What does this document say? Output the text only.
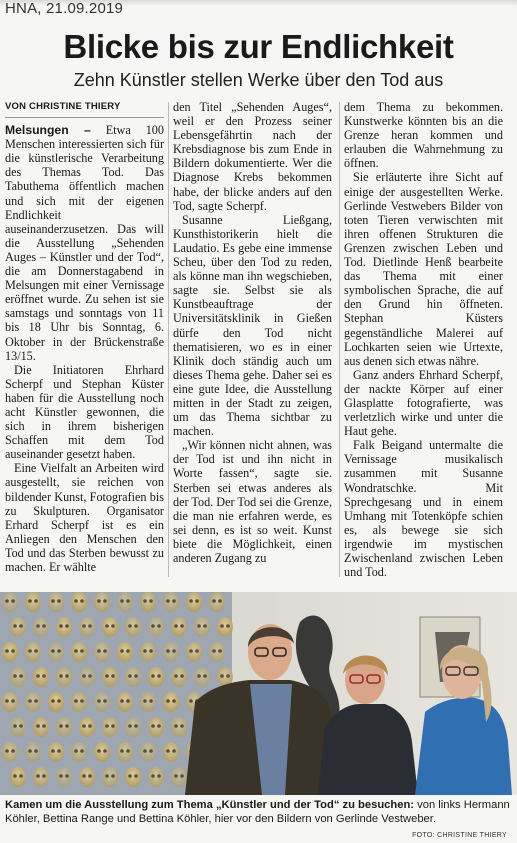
HNA, 21.09.2019
Blicke bis zur Endlichkeit
Zehn Künstler stellen Werke über den Tod aus
VON CHRISTINE THIERY

Melsungen – Etwa 100 Menschen interessierten sich für die künstlerische Verarbeitung des Themas Tod. Das Tabuthema öffentlich machen und sich mit der eigenen Endlichkeit auseinanderzusetzen. Das will die Ausstellung „Sehenden Auges – Künstler und der Tod“, die am Donnerstagabend in Melsungen mit einer Vernissage eröffnet wurde. Zu sehen ist sie samstags und sonntags von 11 bis 18 Uhr bis Sonntag, 6. Oktober in der Brückenstraße 13/15.

Die Initiatoren Ehrhard Scherpf und Stephan Küster haben für die Ausstellung noch acht Künstler gewonnen, die sich in ihrem bisherigen Schaffen mit dem Tod auseinander gesetzt haben.

Eine Vielfalt an Arbeiten wird ausgestellt, sie reichen von bildender Kunst, Fotografien bis zu Skulpturen. Organisator Erhard Scherpf ist es ein Anliegen den Menschen den Tod und das Sterben bewusst zu machen. Er wählte

den Titel „Sehenden Auges“, weil er den Prozess seiner Lebensgefährtin nach der Krebsdiagnose bis zum Ende in Bildern dokumentierte. Wer die Diagnose Krebs bekommen habe, der blicke anders auf den Tod, sagte Scherpf.

Susanne Ließgang, Kunsthistorikerin hielt die Laudatio. Es gebe eine immense Scheu, über den Tod zu reden, als könne man ihn wegschieben, sagte sie. Selbst sie als Kunstbeauftrage der Universitätsklinik in Gießen dürfe den Tod nicht thematisieren, wo es in einer Klinik doch ständig auch um dieses Thema gehe. Daher sei es eine gute Idee, die Ausstellung mitten in der Stadt zu zeigen, um das Thema sichtbar zu machen.

„Wir können nicht ahnen, was der Tod ist und ihn nicht in Worte fassen“, sagte sie. Sterben sei etwas anderes als der Tod. Der Tod sei die Grenze, die man nie erfahren werde, es sei denn, es ist so weit. Kunst biete die Möglichkeit, einen anderen Zugang zu

dem Thema zu bekommen. Kunstwerke könnten bis an die Grenze heran kommen und erlauben die Wahrnehmung zu öffnen.

Sie erläuterte ihre Sicht auf einige der ausgestellten Werke. Gerlinde Vestwebers Bilder von toten Tieren verwischten mit ihren offenen Strukturen die Grenzen zwischen Leben und Tod. Dietlinde Henß bearbeite das Thema mit einer symbolischen Sprache, die auf den Grund hin öffneten. Stephan Küsters gegenständliche Malerei auf Lochkarten seien wie Urtexte, aus denen sich etwas nähre.

Ganz anders Ehrhard Scherpf, der nackte Körper auf einer Glasplatte fotografierte, was verletzlich wirke und unter die Haut gehe.

Falk Beigand untermalte die Vernissage musikalisch zusammen mit Susanne Wondratschke. Mit Sprechgesang und in einem Umhang mit Totenköpfe schien es, als bewege sie sich irgendwie im mystischen Zwischenland zwischen Leben und Tod.

Kamen um die Ausstellung zum Thema „Künstler und der Tod“ zu besuchen: von links Hermann Köhler, Bettina Range und Bettina Köhler, hier vor den Bildern von Gerlinde Vestweber.
FOTO: CHRISTINE THIERY
